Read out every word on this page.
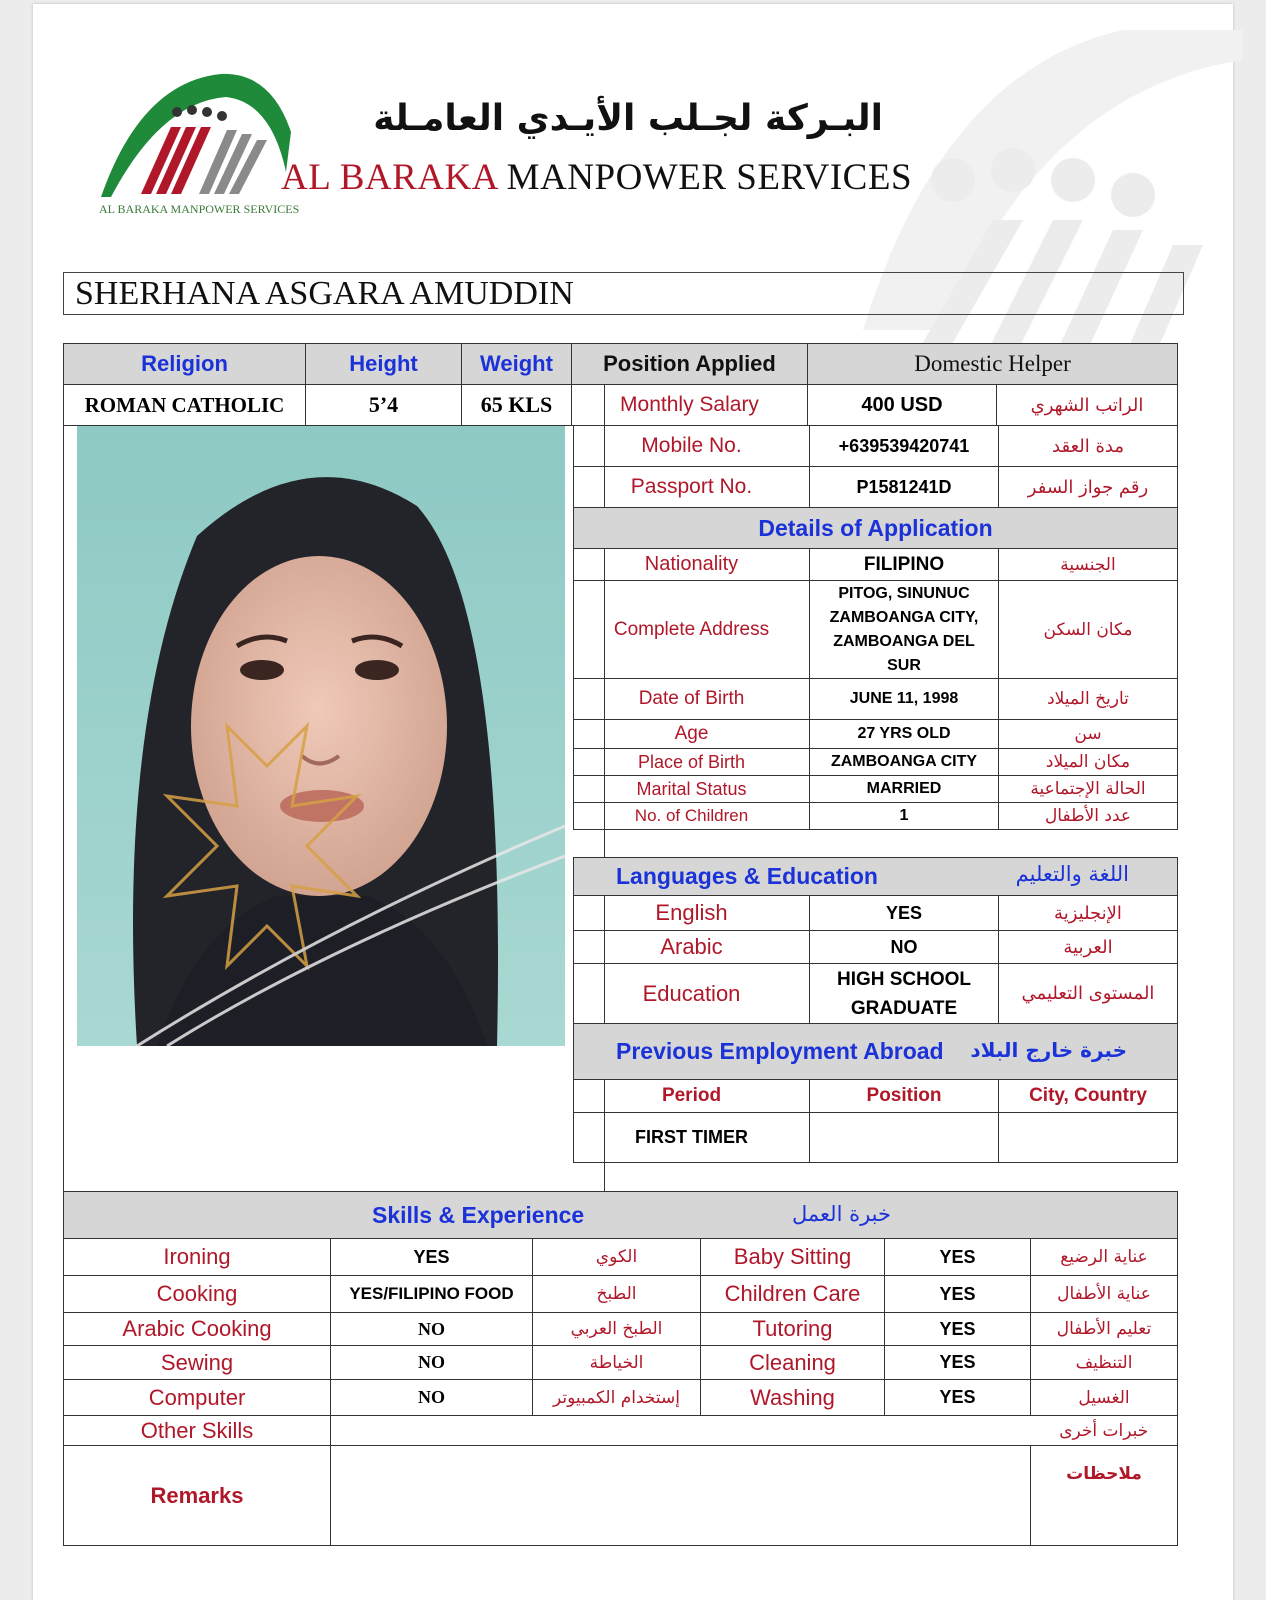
AL BARAKA MANPOWER SERVICES
البـركة لجـلب الأيـدي العامـلة
AL BARAKA MANPOWER SERVICES
SHERHANA ASGARA AMUDDIN
Religion	Height	Weight	Position Applied	Domestic Helper	
ROMAN CATHOLIC	5’4	65 KLS	Monthly Salary	400 USD	الراتب الشهري
Mobile No.	+639539420741	مدة العقد
Passport No.	P1581241D	رقم جواز السفر
Details of Application		
Nationality	FILIPINO	الجنسية
Complete Address	PITOG, SINUNUC ZAMBOANGA CITY, ZAMBOANGA DEL SUR	مكان السكن
Date of Birth	JUNE 11, 1998	تاريخ الميلاد
Age	27 YRS OLD	سن
Place of Birth	ZAMBOANGA CITY	مكان الميلاد
Marital Status	MARRIED	الحالة الإجتماعية
No. of Children	1	عدد الأطفال
Languages & Education اللغة والتعليم		

English	YES	الإنجليزية
Arabic	NO	العربية
Education	HIGH SCHOOL GRADUATE	المستوى التعليمي
Previous Employment Abroad خبرة خارج البلاد		

Period	Position	City, Country
FIRST TIMER		
Skills & Experience خبرة العمل					

Ironing	YES	الكوي	Baby Sitting	YES	عناية الرضيع
Cooking	YES/FILIPINO FOOD	الطبخ	Children Care	YES	عناية الأطفال
Arabic Cooking	NO	الطبخ العربي	Tutoring	YES	تعليم الأطفال
Sewing	NO	الخياطة	Cleaning	YES	التنظيف
Computer	NO	إستخدام الكمبيوتر	Washing	YES	الغسيل
Other Skills					خبرات أخرى
Remarks					ملاحظات
